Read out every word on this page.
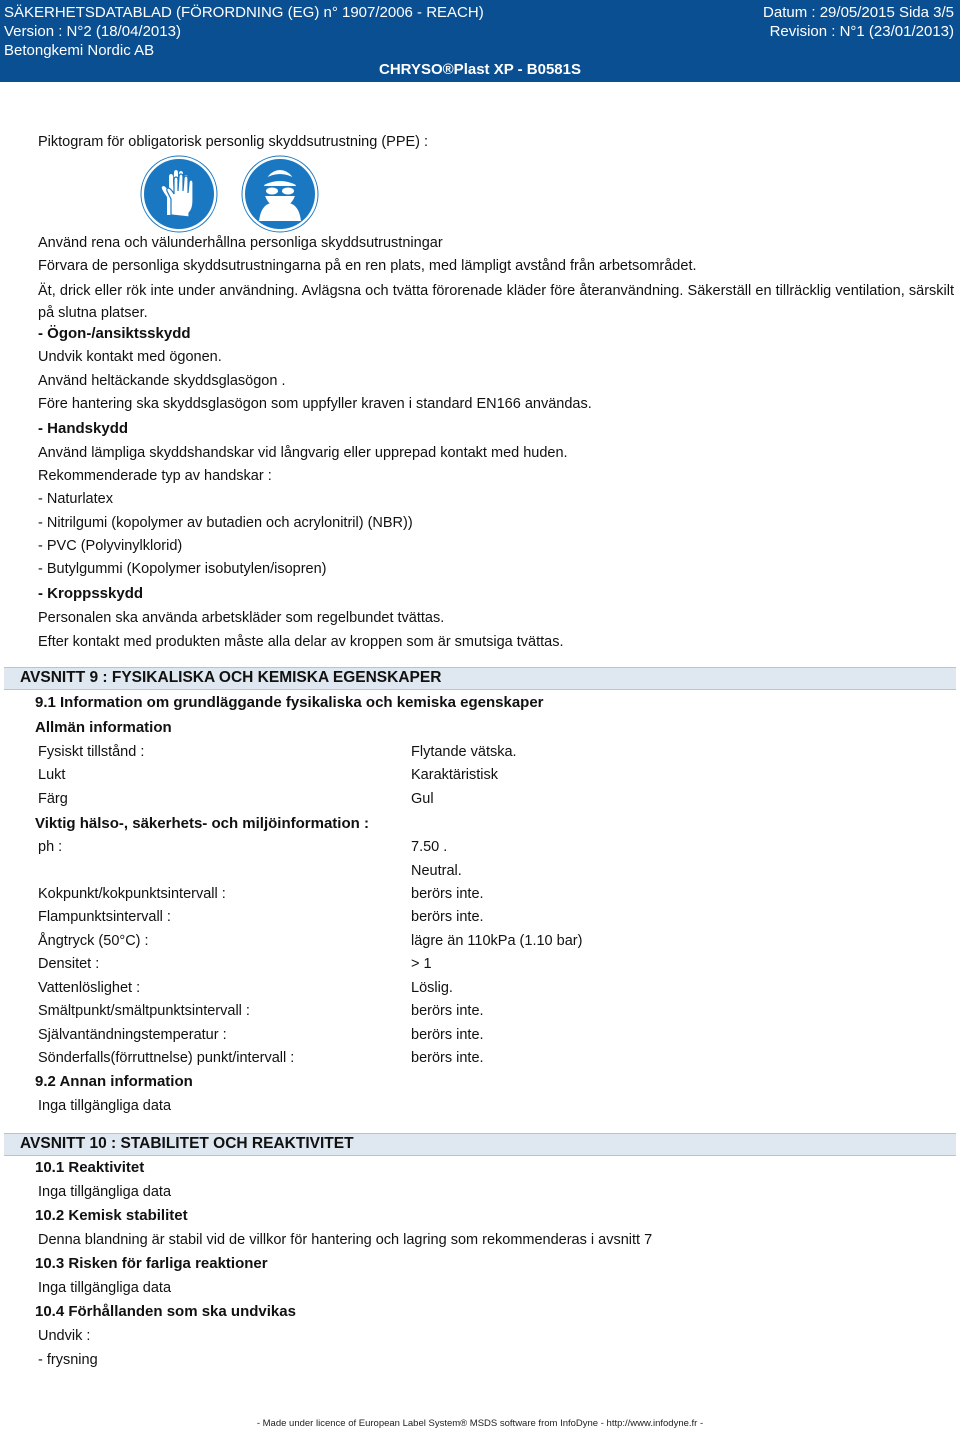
SÄKERHETSDATABLAD (FÖRORDNING (EG) n° 1907/2006 - REACH)	Datum : 29/05/2015 Sida 3/5
Version : N°2 (18/04/2013)	Revision : N°1 (23/01/2013)
Betongkemi Nordic AB
CHRYSO®Plast XP - B0581S
Piktogram för obligatorisk personlig skyddsutrustning (PPE) :
Använd rena och välunderhållna personliga skyddsutrustningar
Förvara de personliga skyddsutrustningarna på en ren plats, med lämpligt avstånd från arbetsområdet.
Ät, drick eller rök inte under användning. Avlägsna och tvätta förorenade kläder före återanvändning. Säkerställ en tillräcklig ventilation, särskilt på slutna platser.
- Ögon-/ansiktsskydd
Undvik kontakt med ögonen.
Använd heltäckande skyddsglasögon .
Före hantering ska skyddsglasögon som uppfyller kraven i standard EN166 användas.
- Handskydd
Använd lämpliga skyddshandskar vid långvarig eller upprepad kontakt med huden.
Rekommenderade typ av handskar :
- Naturlatex
- Nitrilgumi (kopolymer av butadien och acrylonitril) (NBR))
- PVC (Polyvinylklorid)
- Butylgummi (Kopolymer isobutylen/isopren)
- Kroppsskydd
Personalen ska använda arbetskläder som regelbundet tvättas.
Efter kontakt med produkten måste alla delar av kroppen som är smutsiga tvättas.
AVSNITT 9 : FYSIKALISKA OCH KEMISKA EGENSKAPER
9.1 Information om grundläggande fysikaliska och kemiska egenskaper
Allmän information
Fysiskt tillstånd :	Flytande vätska.
Lukt	Karaktäristisk
Färg	Gul
Viktig hälso-, säkerhets- och miljöinformation :
ph :	7.50 .
Neutral.
Kokpunkt/kokpunktsintervall :	berörs inte.
Flampunktsintervall :	berörs inte.
Ångtryck (50°C) :	lägre än 110kPa (1.10 bar)
Densitet :	> 1
Vattenlöslighet :	Löslig.
Smältpunkt/smältpunktsintervall :	berörs inte.
Självantändningstemperatur :	berörs inte.
Sönderfalls(förruttnelse) punkt/intervall :	berörs inte.
9.2 Annan information
Inga tillgängliga data
AVSNITT 10 : STABILITET OCH REAKTIVITET
10.1 Reaktivitet
Inga tillgängliga data
10.2 Kemisk stabilitet
Denna blandning är stabil vid de villkor för hantering och lagring som rekommenderas i avsnitt 7
10.3 Risken för farliga reaktioner
Inga tillgängliga data
10.4 Förhållanden som ska undvikas
Undvik :
- frysning
- Made under licence of European Label System® MSDS software from InfoDyne - http://www.infodyne.fr -
